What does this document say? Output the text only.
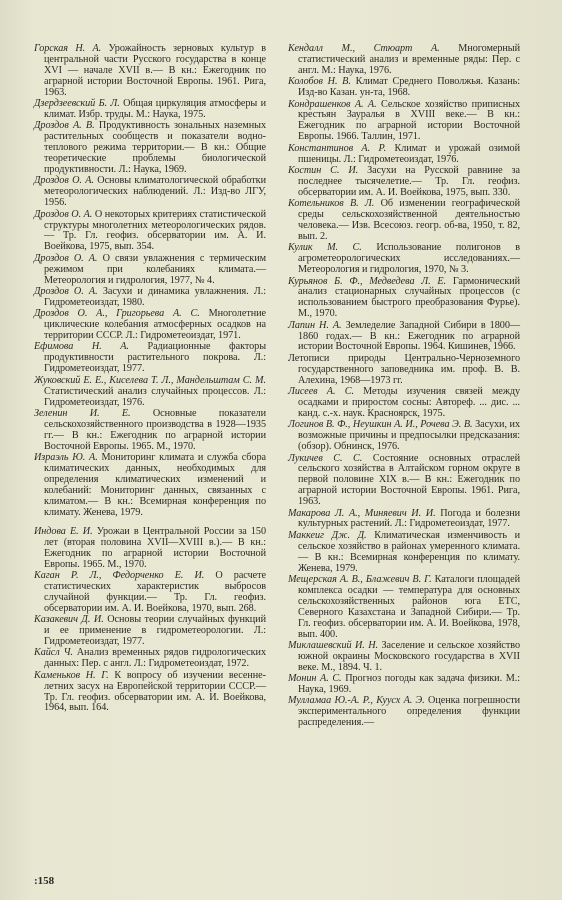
Горская Н. А. Урожайность зерновых культур в центральной части Русского государства в конце XVI — начале XVII в.— В кн.: Ежегодник по аграрной истории Восточной Европы. 1961. Рига, 1963.

Дзердзеевский Б. Л. Общая циркуляция атмосферы и климат. Избр. труды. М.: Наука, 1975.

Дроздов А. В. Продуктивность зональных наземных растительных сообществ и показатели водно-теплового режима территории.— В кн.: Общие теоретические проблемы биологической продуктивности. Л.: Наука, 1969.

Дроздов О. А. Основы климатологической обработки метеорологических наблюдений. Л.: Изд-во ЛГУ, 1956.

Дроздов О. А. О некоторых критериях статистической структуры многолетних метеорологических рядов.— Тр. Гл. геофиз. обсерватории им. А. И. Воейкова, 1975, вып. 354.

Дроздов О. А. О связи увлажнения с термическим режимом при колебаниях климата.— Метеорология и гидрология, 1977, № 4.

Дроздов О. А. Засухи и динамика увлажнения. Л.: Гидрометеоиздат, 1980.

Дроздов О. А., Григорьева А. С. Многолетние циклические колебания атмосферных осадков на территории СССР. Л.: Гидрометеоиздат, 1971.

Ефимова Н. А. Радиационные факторы продуктивности растительного покрова. Л.: Гидрометеоиздат, 1977.

Жуковский Е. Е., Киселева Т. Л., Мандельштам С. М. Статистический анализ случайных процессов. Л.: Гидрометеоиздат, 1976.

Зеленин И. Е. Основные показатели сельскохозяйственного производства в 1928—1935 гг.— В кн.: Ежегодник по аграрной истории Восточной Европы. 1965. М., 1970.

Израэль Ю. А. Мониторинг климата и служба сбора климатических данных, необходимых для определения климатических изменений и колебаний: Мониторинг данных, связанных с климатом.— В кн.: Всемирная конференция по климату. Женева, 1979.

Индова Е. И. Урожаи в Центральной России за 150 лет (вторая половина XVII—XVIII в.).— В кн.: Ежегодник по аграрной истории Восточной Европы. 1965. М., 1970.

Каган Р. Л., Федорченко Е. И. О расчете статистических характеристик выбросов случайной функции.— Тр. Гл. геофиз. обсерватории им. А. И. Воейкова, 1970, вып. 268.

Казакевич Д. И. Основы теории случайных функций и ее применение в гидрометеорологии. Л.: Гидрометеоиздат, 1977.

Кайсл Ч. Анализ временных рядов гидрологических данных: Пер. с англ. Л.: Гидрометеоиздат, 1972.

Каменьков Н. Г. К вопросу об изучении весенне-летних засух на Европейской территории СССР.— Тр. Гл. геофиз. обсерватории им. А. И. Воейкова, 1964, вып. 164.

Кендалл М., Стюарт А. Многомерный статистический анализ и временные ряды: Пер. с англ. М.: Наука, 1976.

Колобов Н. В. Климат Среднего Поволжья. Казань: Изд-во Казан. ун-та, 1968.

Кондрашенков А. А. Сельское хозяйство приписных крестьян Зауралья в XVIII веке.— В кн.: Ежегодник по аграрной истории Восточной Европы. 1966. Таллин, 1971.

Константинов А. Р. Климат и урожай озимой пшеницы. Л.: Гидрометеоиздат, 1976.

Костин С. И. Засухи на Русской равнине за последнее тысячелетие.— Тр. Гл. геофиз. обсерватории им. А. И. Воейкова, 1975, вып. 330.

Котельников В. Л. Об изменении географической среды сельскохозяйственной деятельностью человека.— Изв. Всесоюз. геогр. об-ва, 1950, т. 82, вып. 2.

Кулик М. С. Использование полигонов в агрометеорологических исследованиях.— Метеорология и гидрология, 1970, № 3.

Курьянов Б. Ф., Медведева Л. Е. Гармонический анализ стационарных случайных процессов (с использованием быстрого преобразования Фурье). М., 1970.

Лапин Н. А. Земледелие Западной Сибири в 1800—1860 годах.— В кн.: Ежегодник по аграрной истории Восточной Европы. 1964. Кишинев, 1966.

Летописи природы Центрально-Черноземного государственного заповедника им. проф. В. В. Алехина, 1968—1973 гг.

Лисеев А. С. Методы изучения связей между осадками и приростом сосны: Автореф. ... дис. ... канд. с.-х. наук. Красноярск, 1975.

Логинов В. Ф., Неушкин А. И., Рочева Э. В. Засухи, их возможные причины и предпосылки предсказания: (обзор). Обнинск, 1976.

Лукичев С. С. Состояние основных отраслей сельского хозяйства в Алтайском горном округе в первой половине XIX в.— В кн.: Ежегодник по аграрной истории Восточной Европы. 1961. Рига, 1963.

Макарова Л. А., Миняевич И. И. Погода и болезни культурных растений. Л.: Гидрометеоиздат, 1977.

Маккеиг Дж. Д. Климатическая изменчивость и сельское хозяйство в районах умеренного климата.— В кн.: Всемирная конференция по климату. Женева, 1979.

Мещерская А. В., Блажевич В. Г. Каталоги площадей комплекса осадки — температура для основных сельскохозяйственных районов юга ЕТС, Северного Казахстана и Западной Сибири.— Тр. Гл. геофиз. обсерватории им. А. И. Воейкова, 1978, вып. 400.

Миклашевский И. Н. Заселение и сельское хозяйство южной окраины Московского государства в XVII веке. М., 1894. Ч. 1.

Монин А. С. Прогноз погоды как задача физики. М.: Наука, 1969.

Мулламаа Ю.-А. Р., Куусх А. Э. Оценка погрешности экспериментального определения функции распределения.—

:158
